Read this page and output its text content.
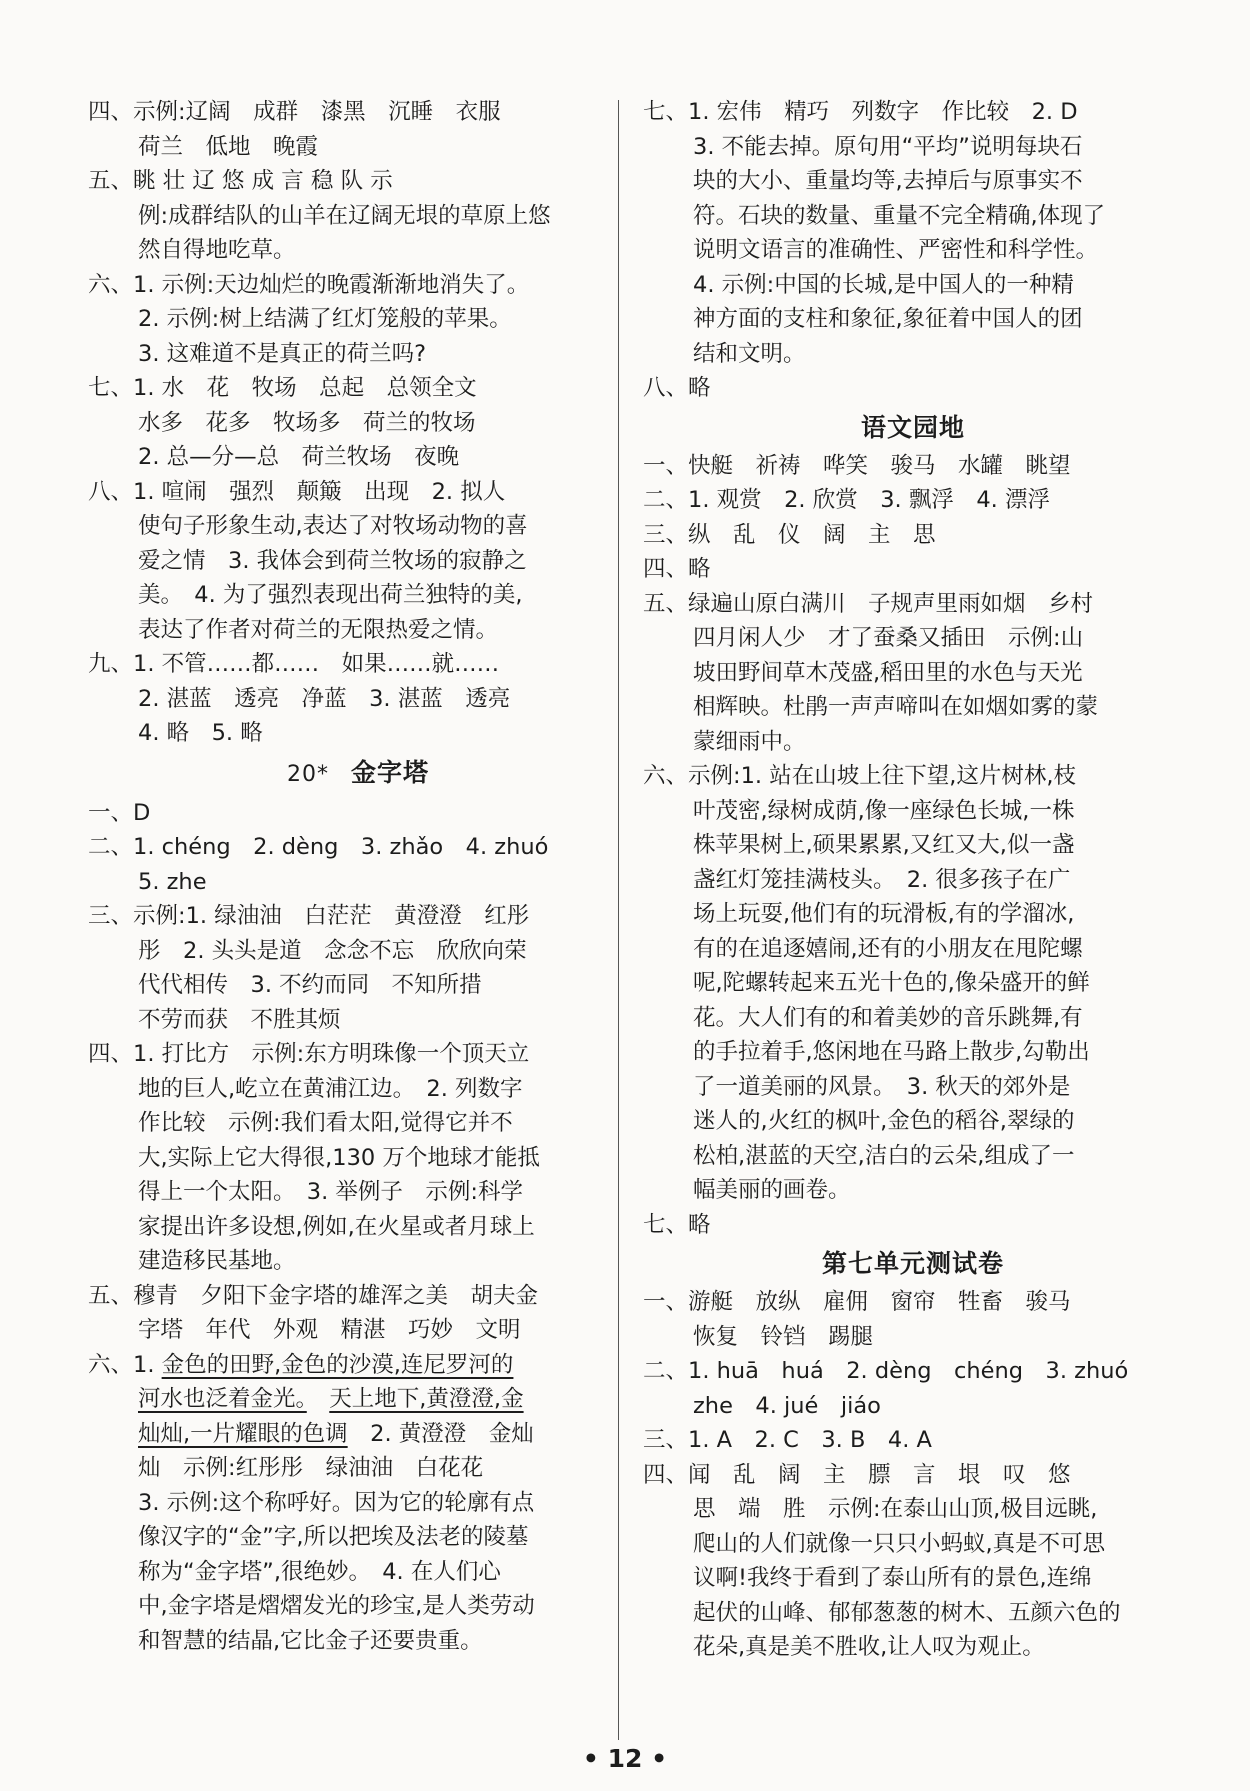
四、示例:辽阔　成群　漆黑　沉睡　衣服
荷兰　低地　晚霞
五、眺 壮 辽 悠 成 言 稳 队 示
例:成群结队的山羊在辽阔无垠的草原上悠
然自得地吃草。
六、1. 示例:天边灿烂的晚霞渐渐地消失了。
2. 示例:树上结满了红灯笼般的苹果。
3. 这难道不是真正的荷兰吗?
七、1. 水　花　牧场　总起　总领全文
水多　花多　牧场多　荷兰的牧场
2. 总—分—总　荷兰牧场　夜晚
八、1. 喧闹　强烈　颠簸　出现　2. 拟人
使句子形象生动,表达了对牧场动物的喜
爱之情　3. 我体会到荷兰牧场的寂静之
美。　4. 为了强烈表现出荷兰独特的美,
表达了作者对荷兰的无限热爱之情。
九、1. 不管……都……　如果……就……
2. 湛蓝　透亮　净蓝　3. 湛蓝　透亮
4. 略　5. 略
20* 金字塔
一、D
二、1. chéng　2. dèng　3. zhǎo　4. zhuó
5. zhe
三、示例:1. 绿油油　白茫茫　黄澄澄　红彤
彤　2. 头头是道　念念不忘　欣欣向荣
代代相传　3. 不约而同　不知所措
不劳而获　不胜其烦
四、1. 打比方　示例:东方明珠像一个顶天立
地的巨人,屹立在黄浦江边。　2. 列数字
作比较　示例:我们看太阳,觉得它并不
大,实际上它大得很,130 万个地球才能抵
得上一个太阳。　3. 举例子　示例:科学
家提出许多设想,例如,在火星或者月球上
建造移民基地。
五、穆青　夕阳下金字塔的雄浑之美　胡夫金
字塔　年代　外观　精湛　巧妙　文明
六、1. 金色的田野,金色的沙漠,连尼罗河的
河水也泛着金光。　 天上地下,黄澄澄,金
灿灿,一片耀眼的色调　2. 黄澄澄　金灿
灿　示例:红彤彤　绿油油　白花花
3. 示例:这个称呼好。因为它的轮廓有点
像汉字的“金”字,所以把埃及法老的陵墓
称为“金字塔”,很绝妙。　4. 在人们心
中,金字塔是熠熠发光的珍宝,是人类劳动
和智慧的结晶,它比金子还要贵重。
七、1. 宏伟　精巧　列数字　作比较　2. D
3. 不能去掉。原句用“平均”说明每块石
块的大小、重量均等,去掉后与原事实不
符。石块的数量、重量不完全精确,体现了
说明文语言的准确性、严密性和科学性。
4. 示例:中国的长城,是中国人的一种精
神方面的支柱和象征,象征着中国人的团
结和文明。
八、略
语文园地
一、快艇　祈祷　哗笑　骏马　水罐　眺望
二、1. 观赏　2. 欣赏　3. 飘浮　4. 漂浮
三、纵　乱　仪　阔　主　思
四、略
五、绿遍山原白满川　子规声里雨如烟　乡村
四月闲人少　才了蚕桑又插田　示例:山
坡田野间草木茂盛,稻田里的水色与天光
相辉映。杜鹃一声声啼叫在如烟如雾的蒙
蒙细雨中。
六、示例:1. 站在山坡上往下望,这片树林,枝
叶茂密,绿树成荫,像一座绿色长城,一株
株苹果树上,硕果累累,又红又大,似一盏
盏红灯笼挂满枝头。　2. 很多孩子在广
场上玩耍,他们有的玩滑板,有的学溜冰,
有的在追逐嬉闹,还有的小朋友在甩陀螺
呢,陀螺转起来五光十色的,像朵盛开的鲜
花。大人们有的和着美妙的音乐跳舞,有
的手拉着手,悠闲地在马路上散步,勾勒出
了一道美丽的风景。　3. 秋天的郊外是
迷人的,火红的枫叶,金色的稻谷,翠绿的
松柏,湛蓝的天空,洁白的云朵,组成了一
幅美丽的画卷。
七、略
第七单元测试卷
一、游艇　放纵　雇佣　窗帘　牲畜　骏马
恢复　铃铛　踢腿
二、1. huā　huá　2. dèng　chéng　3. zhuó
zhe　4. jué　jiáo
三、1. A　2. C　3. B　4. A
四、闻　乱　阔　主　膘　言　垠　叹　悠
思　端　胜　示例:在泰山山顶,极目远眺,
爬山的人们就像一只只小蚂蚁,真是不可思
议啊!我终于看到了泰山所有的景色,连绵
起伏的山峰、郁郁葱葱的树木、五颜六色的
花朵,真是美不胜收,让人叹为观止。
• 12 •
